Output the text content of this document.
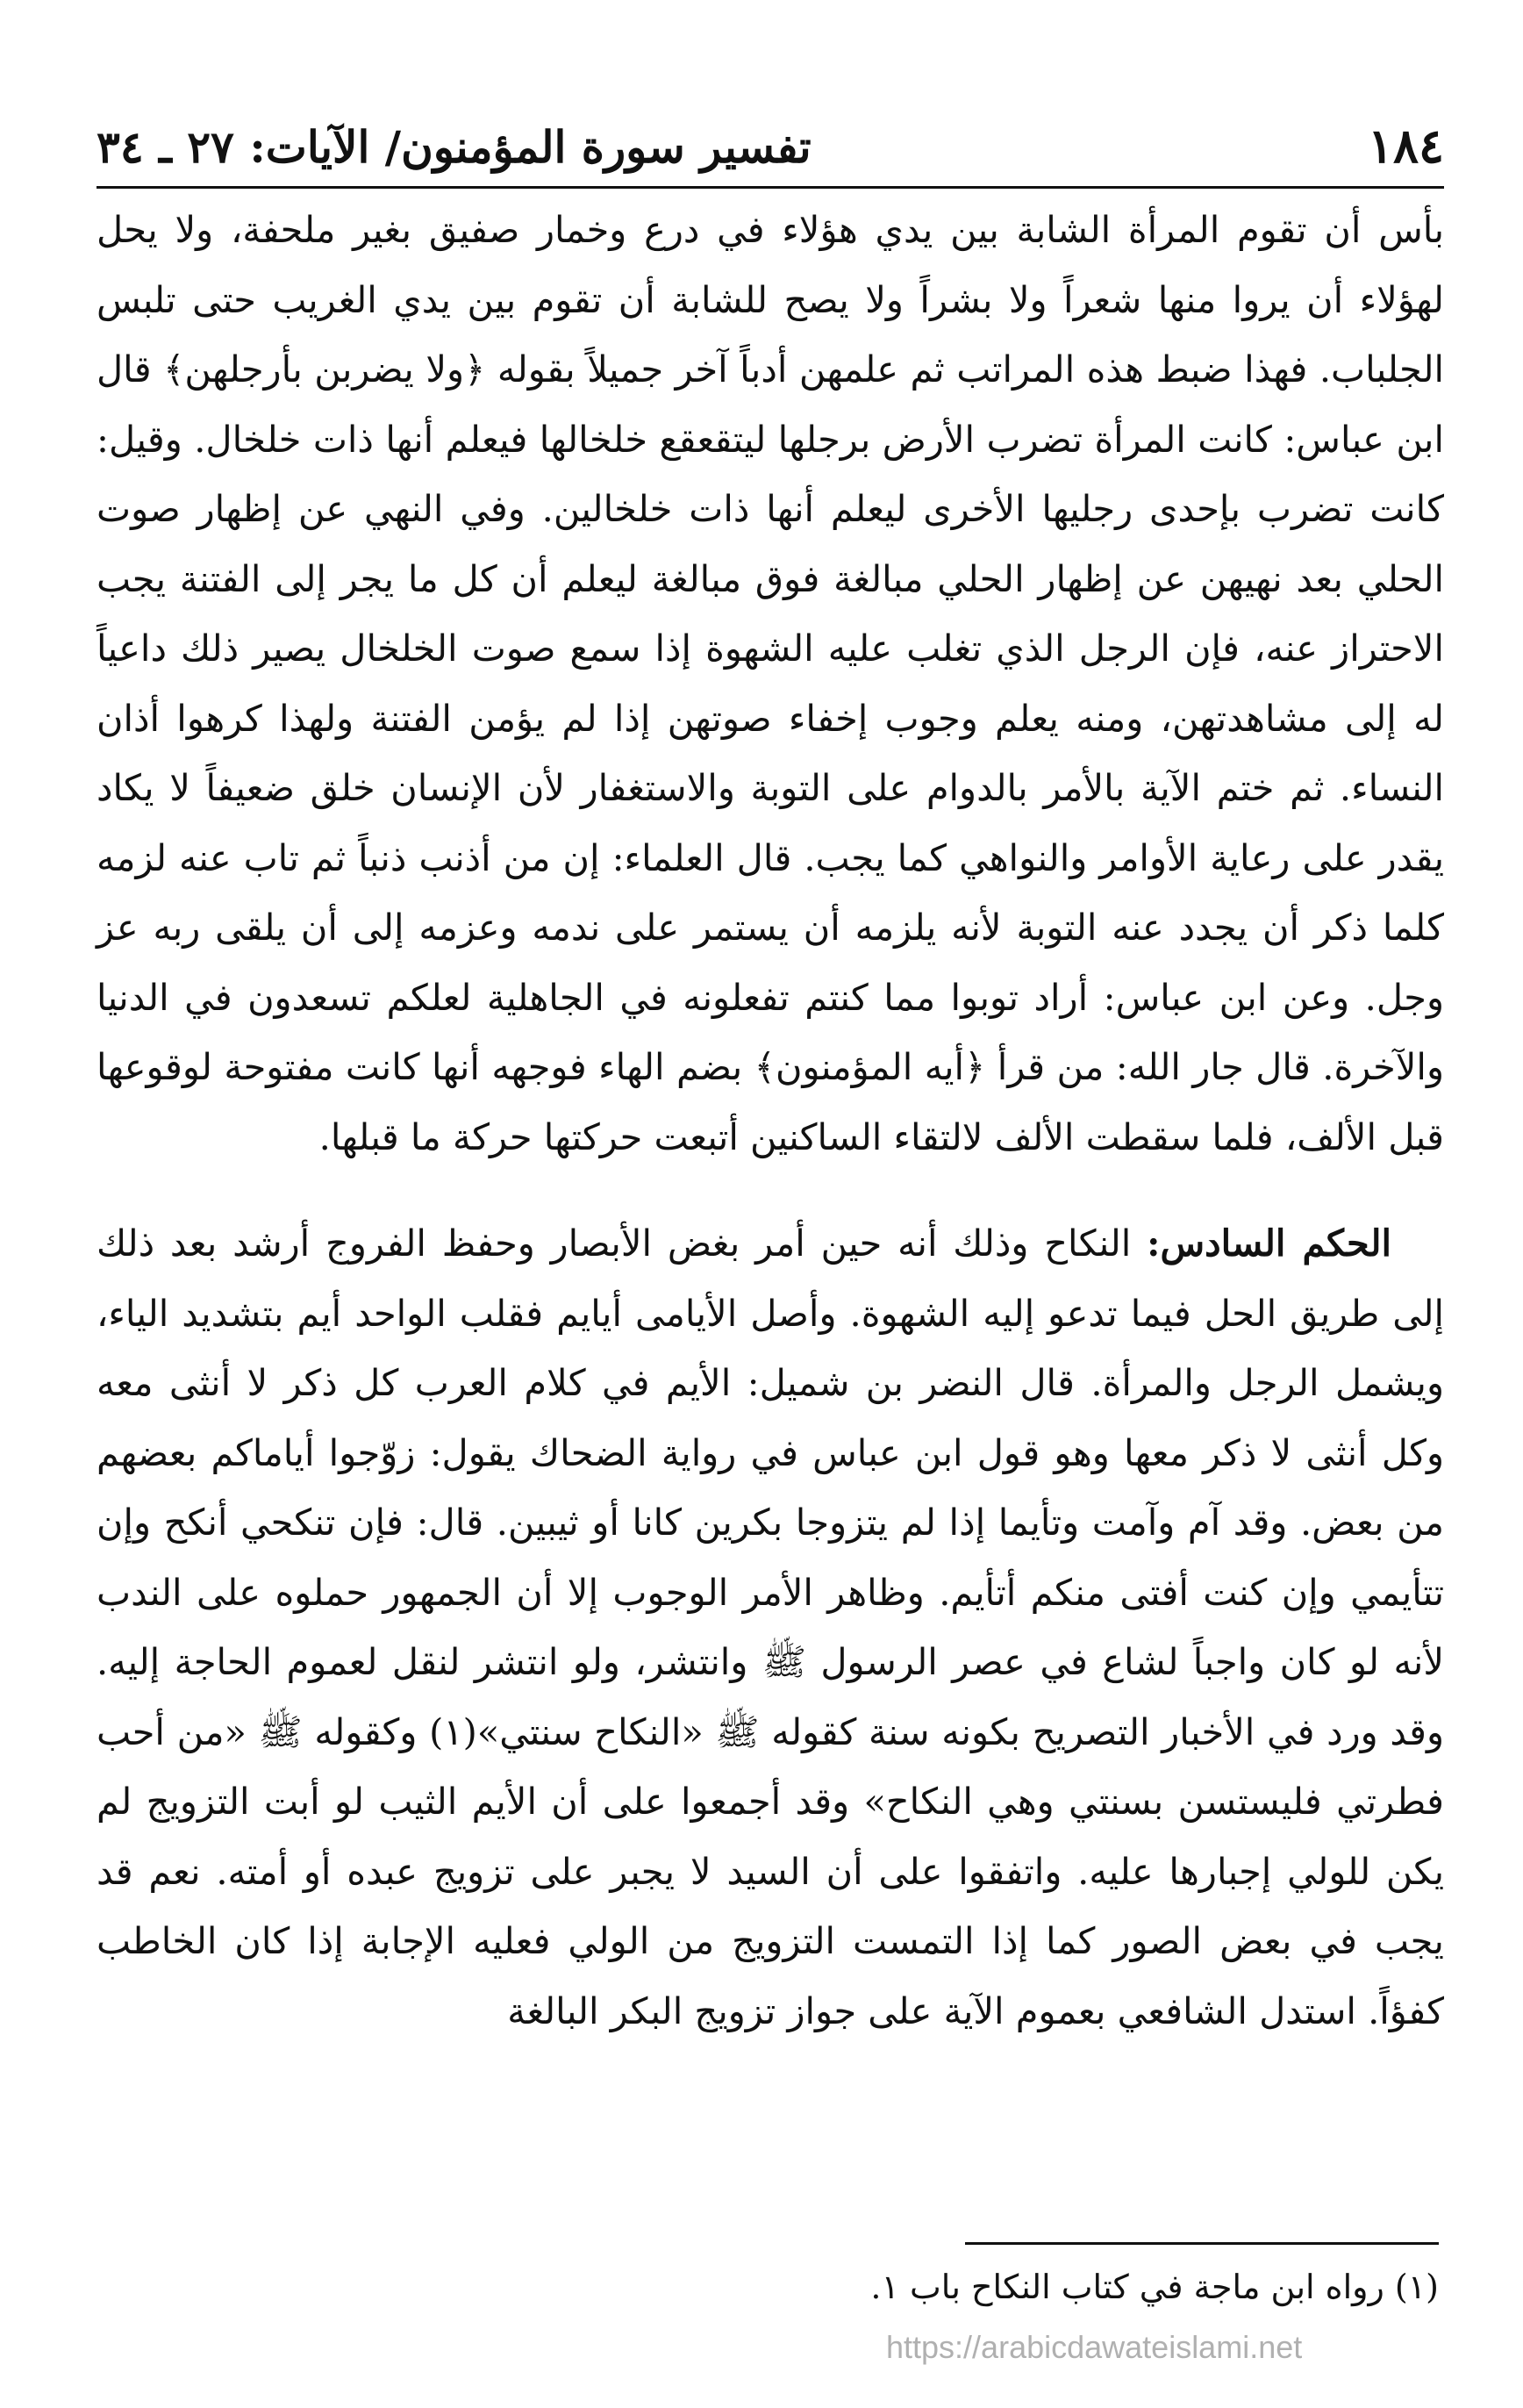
١٨٤
تفسير سورة المؤمنون/ الآيات: ٢٧ ـ ٣٤

بأس أن تقوم المرأة الشابة بين يدي هؤلاء في درع وخمار صفيق بغير ملحفة، ولا يحل لهؤلاء أن يروا منها شعراً ولا بشراً ولا يصح للشابة أن تقوم بين يدي الغريب حتى تلبس الجلباب. فهذا ضبط هذه المراتب ثم علمهن أدباً آخر جميلاً بقوله ﴿ولا يضربن بأرجلهن﴾ قال ابن عباس: كانت المرأة تضرب الأرض برجلها ليتقعقع خلخالها فيعلم أنها ذات خلخال. وقيل: كانت تضرب بإحدى رجليها الأخرى ليعلم أنها ذات خلخالين. وفي النهي عن إظهار صوت الحلي بعد نهيهن عن إظهار الحلي مبالغة فوق مبالغة ليعلم أن كل ما يجر إلى الفتنة يجب الاحتراز عنه، فإن الرجل الذي تغلب عليه الشهوة إذا سمع صوت الخلخال يصير ذلك داعياً له إلى مشاهدتهن، ومنه يعلم وجوب إخفاء صوتهن إذا لم يؤمن الفتنة ولهذا كرهوا أذان النساء. ثم ختم الآية بالأمر بالدوام على التوبة والاستغفار لأن الإنسان خلق ضعيفاً لا يكاد يقدر على رعاية الأوامر والنواهي كما يجب. قال العلماء: إن من أذنب ذنباً ثم تاب عنه لزمه كلما ذكر أن يجدد عنه التوبة لأنه يلزمه أن يستمر على ندمه وعزمه إلى أن يلقى ربه عز وجل. وعن ابن عباس: أراد توبوا مما كنتم تفعلونه في الجاهلية لعلكم تسعدون في الدنيا والآخرة. قال جار الله: من قرأ ﴿أيه المؤمنون﴾ بضم الهاء فوجهه أنها كانت مفتوحة لوقوعها قبل الألف، فلما سقطت الألف لالتقاء الساكنين أتبعت حركتها حركة ما قبلها.

الحكم السادس: النكاح وذلك أنه حين أمر بغض الأبصار وحفظ الفروج أرشد بعد ذلك إلى طريق الحل فيما تدعو إليه الشهوة. وأصل الأيامى أيايم فقلب الواحد أيم بتشديد الياء، ويشمل الرجل والمرأة. قال النضر بن شميل: الأيم في كلام العرب كل ذكر لا أنثى معه وكل أنثى لا ذكر معها وهو قول ابن عباس في رواية الضحاك يقول: زوّجوا أياماكم بعضهم من بعض. وقد آم وآمت وتأيما إذا لم يتزوجا بكرين كانا أو ثيبين. قال: فإن تنكحي أنكح وإن تتأيمي وإن كنت أفتى منكم أتأيم. وظاهر الأمر الوجوب إلا أن الجمهور حملوه على الندب لأنه لو كان واجباً لشاع في عصر الرسول ﷺ وانتشر، ولو انتشر لنقل لعموم الحاجة إليه. وقد ورد في الأخبار التصريح بكونه سنة كقوله ﷺ «النكاح سنتي»(١) وكقوله ﷺ «من أحب فطرتي فليستسن بسنتي وهي النكاح» وقد أجمعوا على أن الأيم الثيب لو أبت التزويج لم يكن للولي إجبارها عليه. واتفقوا على أن السيد لا يجبر على تزويج عبده أو أمته. نعم قد يجب في بعض الصور كما إذا التمست التزويج من الولي فعليه الإجابة إذا كان الخاطب كفؤاً. استدل الشافعي بعموم الآية على جواز تزويج البكر البالغة

(١) رواه ابن ماجة في كتاب النكاح باب ١.
https://arabicdawateislami.net
